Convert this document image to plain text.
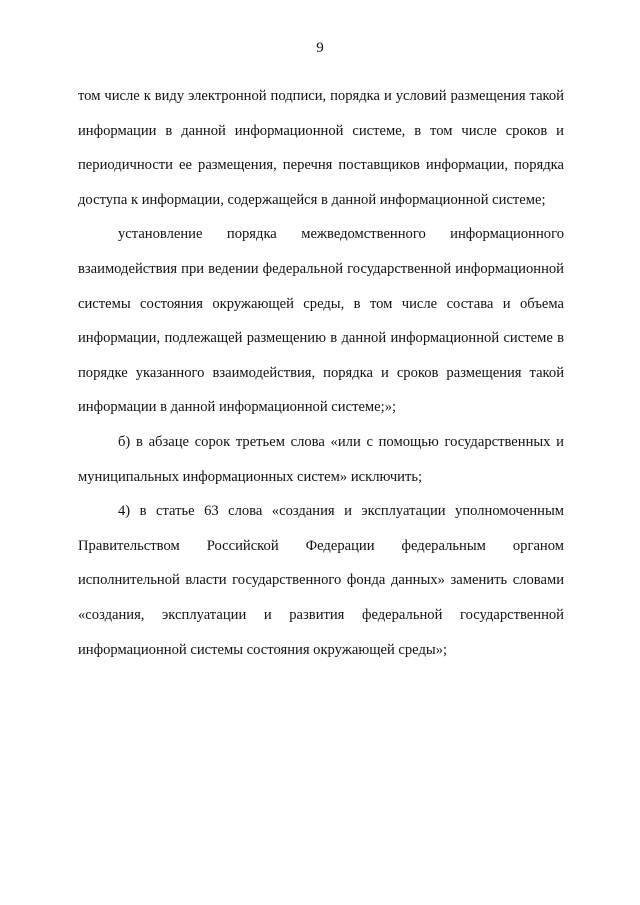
9

том числе к виду электронной подписи, порядка и условий размещения такой информации в данной информационной системе, в том числе сроков и периодичности ее размещения, перечня поставщиков информации, порядка доступа к информации, содержащейся в данной информационной системе;

установление порядка межведомственного информационного взаимодействия при ведении федеральной государственной информационной системы состояния окружающей среды, в том числе состава и объема информации, подлежащей размещению в данной информационной системе в порядке указанного взаимодействия, порядка и сроков размещения такой информации в данной информационной системе;»;

б) в абзаце сорок третьем слова «или с помощью государственных и муниципальных информационных систем» исключить;

4) в статье 63 слова «создания и эксплуатации уполномоченным Правительством Российской Федерации федеральным органом исполнительной власти государственного фонда данных» заменить словами «создания, эксплуатации и развития федеральной государственной информационной системы состояния окружающей среды»;
